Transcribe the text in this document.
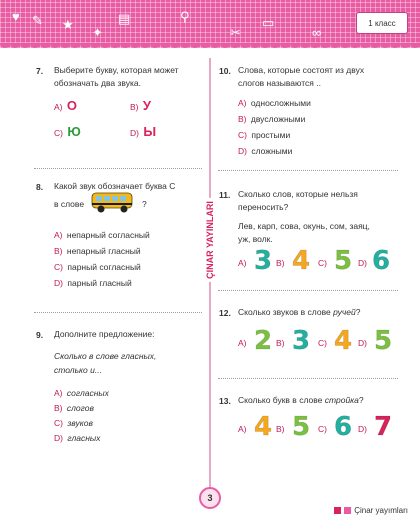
♥ ✎ ★
✦
▤	⚲
✂
▭
∞
1 класс
ÇINAR YAYINLARI
7. Выберите букву, которая может обозначать два звука.
A) О	B) У
C) Ю	D) Ы
8. Какой звук обозначает буква С
в слове	?
A) непарный согласный
B) непарный гласный
C) парный согласный
D) парный гласный
9. Дополните предложение:
Сколько в слове гласных,
столько и...
A) согласных
B) слогов
C) звуков
D) гласных
10. Слова, которые состоят из двух
слогов называются ..
A) односложными
B) двусложными
C) простыми
D) сложными
11. Сколько слов, которые нельзя
переносить?
Лев, карп, сова, окунь, сом, заяц,
уж, волк.
A) 3 B) 4 C) 5 D) 6
12. Сколько звуков в слове ручей?
A) 2 B) 3 C) 4 D) 5
13. Сколько букв в слове стройка?
A) 4 B) 5 C) 6 D) 7
3
Çinar yayımları
